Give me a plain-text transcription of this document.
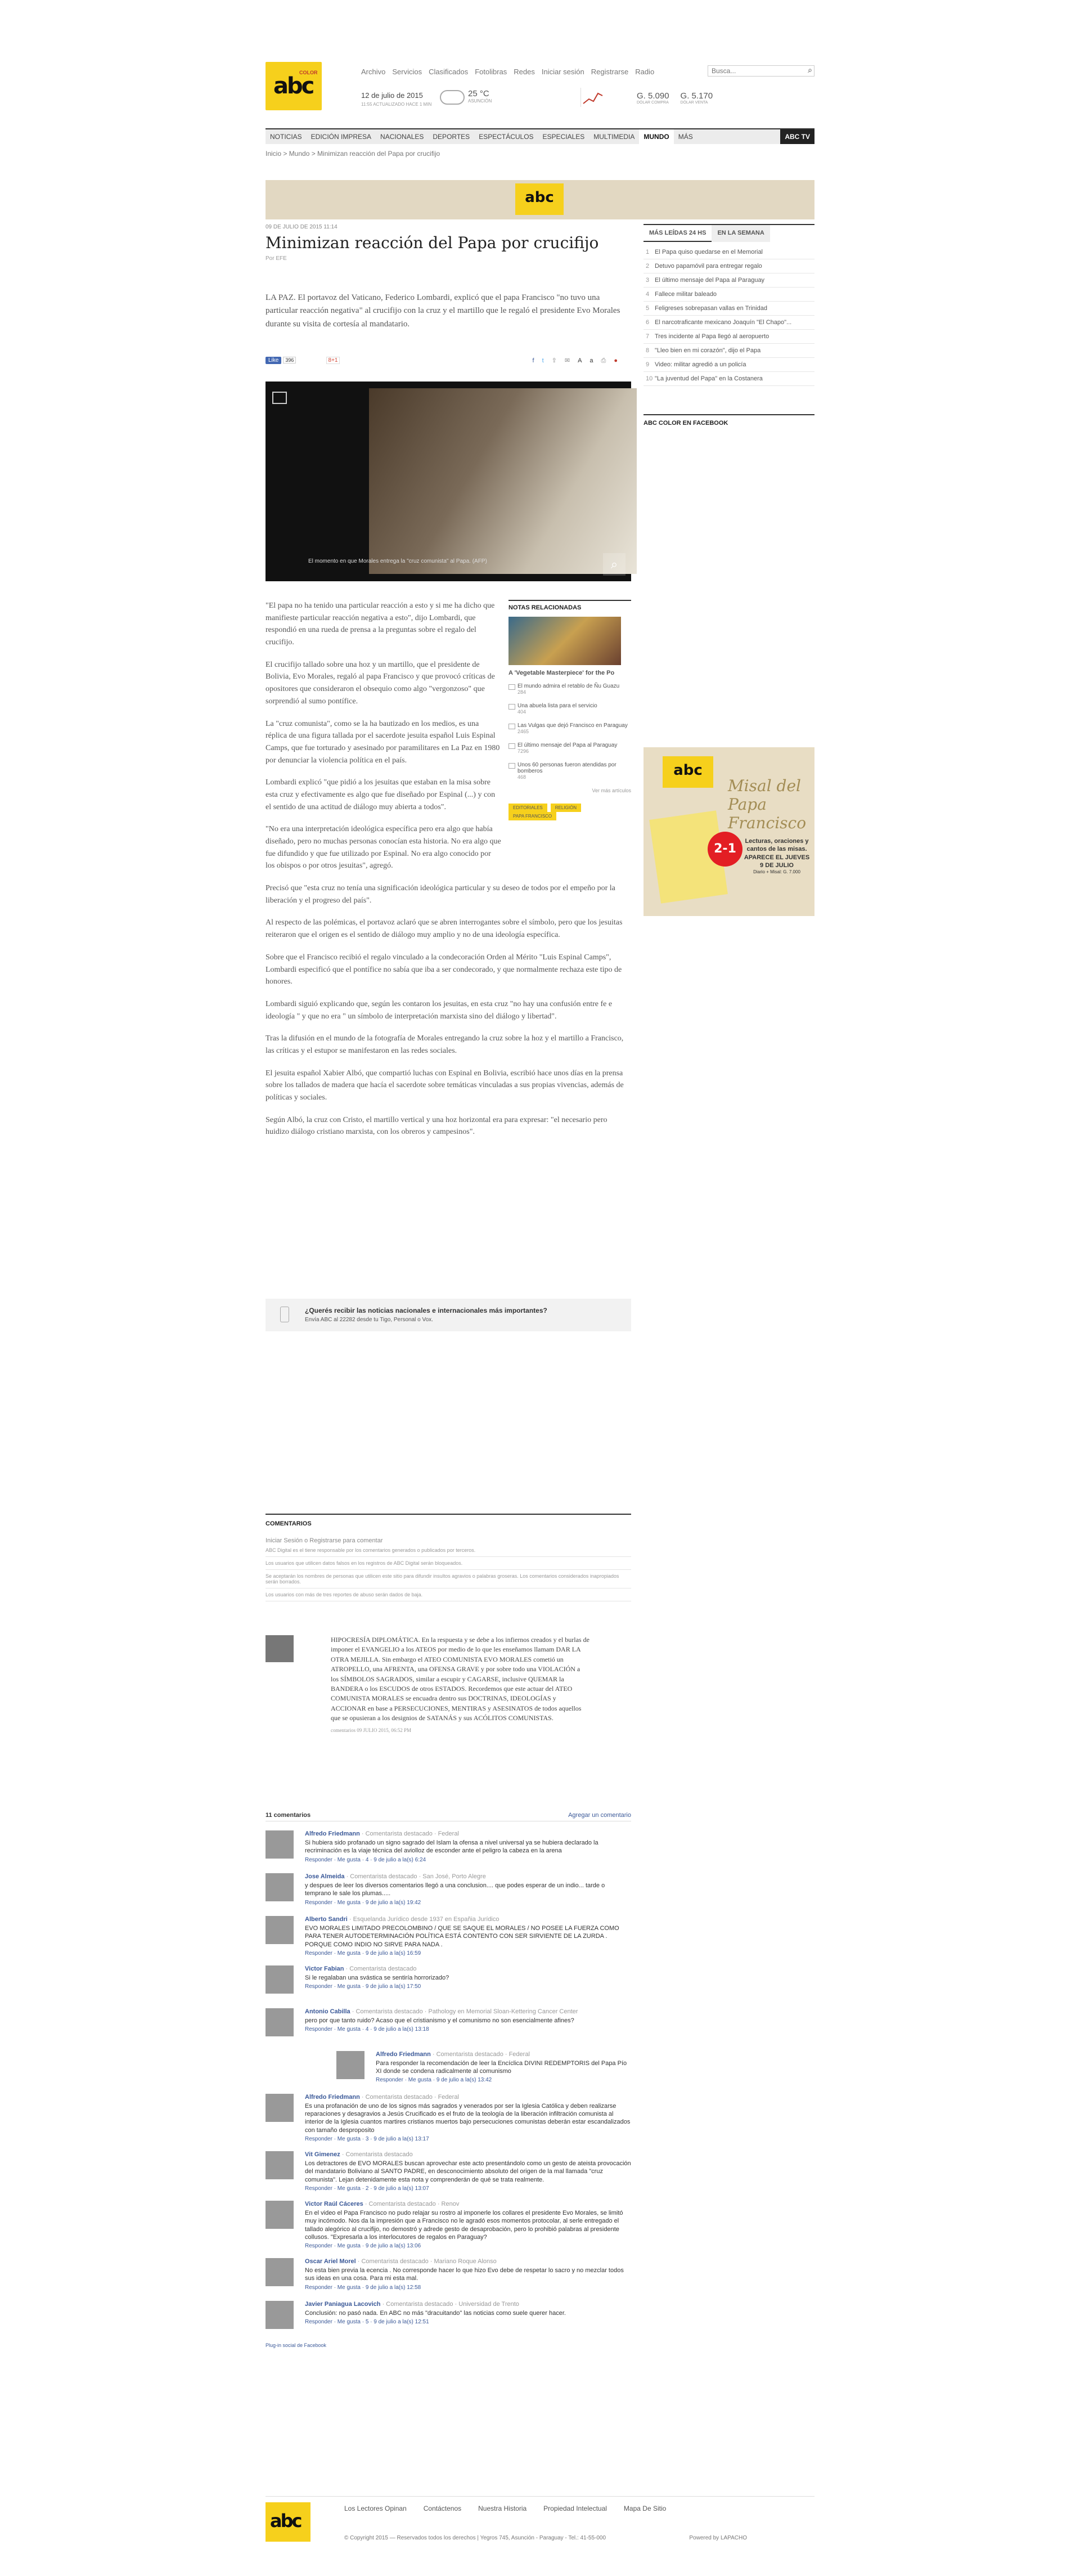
COLOR
abc
Archivo Servicios Clasificados Fotolibras Redes Iniciar sesión Registrarse Radio
Busca...	⌕
12 de julio de 2015
11:55 ACTUALIZADO HACE 1 MIN
25 °C
ASUNCIÓN
G. 5.090
DÓLAR COMPRA
G. 5.170
DÓLAR VENTA
NOTICIAS	EDICIÓN IMPRESA	NACIONALES	DEPORTES	ESPECTÁCULOS	ESPECIALES	MULTIMEDIA	MUNDO	MÁS	ABC TV
Inicio > Mundo > Minimizan reacción del Papa por crucifijo
abc
09 DE JULIO DE 2015 11:14
Minimizan reacción del Papa por crucifijo
Por EFE
LA PAZ. El portavoz del Vaticano, Federico Lombardi, explicó que el papa Francisco "no tuvo una particular reacción negativa" al crucifijo con la cruz y el martillo que le regaló el presidente Evo Morales durante su visita de cortesía al mandatario.
Like 396	8+1	ft⇪✉Aa⎙●
El momento en que Morales entrega la "cruz comunista" al Papa. (AFP)	⌕

"El papa no ha tenido una particular reacción a esto y si me ha dicho que manifieste particular reacción negativa a esto", dijo Lombardi, que respondió en una rueda de prensa a la preguntas sobre el regalo del crucifijo.

El crucifijo tallado sobre una hoz y un martillo, que el presidente de Bolivia, Evo Morales, regaló al papa Francisco y que provocó críticas de opositores que consideraron el obsequio como algo "vergonzoso" que sorprendió al sumo pontífice.

La "cruz comunista", como se la ha bautizado en los medios, es una réplica de una figura tallada por el sacerdote jesuita español Luis Espinal Camps, que fue torturado y asesinado por paramilitares en La Paz en 1980 por denunciar la violencia política en el país.

Lombardi explicó "que pidió a los jesuitas que estaban en la misa sobre esta cruz y efectivamente es algo que fue diseñado por Espinal (...) y con el sentido de una actitud de diálogo muy abierta a todos".

"No era una interpretación ideológica específica pero era algo que había diseñado, pero no muchas personas conocían esta historia. No era algo que fue difundido y que fue utilizado por Espinal. No era algo conocido por los obispos o por otros jesuitas", agregó.

Precisó que "esta cruz no tenía una significación ideológica particular y su deseo de todos por el empeño por la liberación y el progreso del país".

Al respecto de las polémicas, el portavoz aclaró que se abren interrogantes sobre el símbolo, pero que los jesuitas reiteraron que el origen es el sentido de diálogo muy amplio y no de una ideología específica.

Sobre que el Francisco recibió el regalo vinculado a la condecoración Orden al Mérito "Luis Espinal Camps", Lombardi especificó que el pontífice no sabía que iba a ser condecorado, y que normalmente rechaza este tipo de honores.

Lombardi siguió explicando que, según les contaron los jesuitas, en esta cruz "no hay una confusión entre fe e ideología " y que no era " un símbolo de interpretación marxista sino del diálogo y libertad".

Tras la difusión en el mundo de la fotografía de Morales entregando la cruz sobre la hoz y el martillo a Francisco, las críticas y el estupor se manifestaron en las redes sociales.

El jesuita español Xabier Albó, que compartió luchas con Espinal en Bolivia, escribió hace unos días en la prensa sobre los tallados de madera que hacía el sacerdote sobre temáticas vinculadas a sus propias vivencias, además de políticas y sociales.

Según Albó, la cruz con Cristo, el martillo vertical y una hoz horizontal era para expresar: "el necesario pero huidizo diálogo cristiano marxista, con los obreros y campesinos".

NOTAS RELACIONADAS
A 'Vegetable Masterpiece' for the Po
El mundo admira el retablo de Ñu Guazu
284
Una abuela lista para el servicio
404
Las Vulgas que dejó Francisco en Paraguay
2465
El último mensaje del Papa al Paraguay
7296
Unos 60 personas fueron atendidas por bomberos
468
Ver más artículos
EDITORIALES	RELIGIÓNPAPA FRANCISCO
¿Querés recibir las noticias nacionales e internacionales más importantes?
Envía ABC al 22282 desde tu Tigo, Personal o Vox.
MÁS LEÍDAS 24 HS	EN LA SEMANA
1 El Papa quiso quedarse en el Memorial
2 Detuvo papamóvil para entregar regalo
3 El último mensaje del Papa al Paraguay
4 Fallece militar baleado
5 Feligreses sobrepasan vallas en Trinidad
6 El narcotraficante mexicano Joaquín "El Chapo"...
7 Tres incidente al Papa llegó al aeropuerto
8 "Lleo bien en mi corazón", dijo el Papa
9 Video: militar agredió a un policía
10 "La juventud del Papa" en la Costanera
ABC COLOR EN FACEBOOK
abc
Misal del Papa Francisco
2-1
Lecturas, oraciones y cantos de las misas. APARECE EL JUEVES 9 DE JULIO
Diario + Misal: G. 7.000
COMENTARIOS
Iniciar Sesión o Registrarse para comentar
ABC Digital es el tiene responsable por los comentarios generados o publicados por terceros.
Los usuarios que utilicen datos falsos en los registros de ABC Digital serán bloqueados.
Se aceptarán los nombres de personas que utilicen este sitio para difundir insultos agravios o palabras groseras. Los comentarios considerados inapropiados serán borrados.
Los usuarios con más de tres reportes de abuso serán dados de baja.
HIPOCRESÍA DIPLOMÁTICA. En la respuesta y se debe a los infiernos creados y el burlas de imponer el EVANGELIO a los ATEOS por medio de lo que les enseñamos llamam DAR LA OTRA MEJILLA. Sin embargo el ATEO COMUNISTA EVO MORALES cometió un ATROPELLO, una AFRENTA, una OFENSA GRAVE y por sobre todo una VIOLACIÓN a los SÍMBOLOS SAGRADOS, similar a escupir y CAGARSE, inclusive QUEMAR la BANDERA o los ESCUDOS de otros ESTADOS. Recordemos que este actuar del ATEO COMUNISTA MORALES se encuadra dentro sus DOCTRINAS, IDEOLOGÍAS y ACCIONAR en base a PERSECUCIONES, MENTIRAS y ASESINATOS de todos aquellos que se opusieran a los designios de SATANÁS y sus ACÓLITOS COMUNISTAS.
comentarios 09 JULIO 2015, 06:52 PM
11 comentarios	Agregar un comentario
Alfredo Friedmann · Comentarista destacado · Federal
Si hubiera sido profanado un signo sagrado del Islam la ofensa a nivel universal ya se hubiera declarado la recriminación es la viaje técnica del aviolloz de esconder ante el peligro la cabeza en la arena
Responder · Me gusta · 4 · 9 de julio a la(s) 6:24
Jose Almeida · Comentarista destacado · San José, Porto Alegre
y despues de leer los diversos comentarios llegó a una conclusion.... que podes esperar de un indio... tarde o temprano le sale los plumas.....
Responder · Me gusta · 9 de julio a la(s) 19:42
Alberto Sandri · Esquelanda Jurídico desde 1937 en Españia Jurídico
EVO MORALES LIMITADO PRECOLOMBINO / QUE SE SAQUE EL MORALES / NO POSEE LA FUERZA COMO PARA TENER AUTODETERMINACIÓN POLÍTICA ESTÁ CONTENTO CON SER SIRVIENTE DE LA ZURDA . PORQUE COMO INDIO NO SIRVE PARA NADA .
Responder · Me gusta · 9 de julio a la(s) 16:59
Victor Fabian · Comentarista destacado
Si le regalaban una svástica se sentiría horrorizado?
Responder · Me gusta · 9 de julio a la(s) 17:50
Antonio Cabilla · Comentarista destacado · Pathology en Memorial Sloan-Kettering Cancer Center
pero por que tanto ruido? Acaso que el cristianismo y el comunismo no son esencialmente afines?
Responder · Me gusta · 4 · 9 de julio a la(s) 13:18
Alfredo Friedmann · Comentarista destacado · Federal
Para responder la recomendación de leer la Encíclica DIVINI REDEMPTORIS del Papa Pío XI donde se condena radicalmente al comunismo
Responder · Me gusta · 9 de julio a la(s) 13:42
Alfredo Friedmann · Comentarista destacado · Federal
Es una profanación de uno de los signos más sagrados y venerados por ser la Iglesia Católica y deben realizarse reparaciones y desagravios a Jesús Crucificado es el fruto de la teología de la liberación infiltración comunista al interior de la Iglesia cuantos martires cristianos muertos bajo persecuciones comunistas deberán estar escandalizados con tamaño desproposito
Responder · Me gusta · 3 · 9 de julio a la(s) 13:17
Vit Gimenez · Comentarista destacado
Los detractores de EVO MORALES buscan aprovechar este acto presentándolo como un gesto de ateista provocación del mandatario Boliviano al SANTO PADRE, en desconocimiento absoluto del origen de la mal llamada "cruz comunista". Lejan detenidamente esta nota y comprenderán de qué se trata realmente.
Responder · Me gusta · 2 · 9 de julio a la(s) 13:07
Victor Raúl Cáceres · Comentarista destacado · Renov
En el video el Papa Francisco no pudo relajar su rostro al imponerle los collares el presidente Evo Morales, se limitó muy incómodo. Nos da la impresión que a Francisco no le agradó esos momentos protocolar, al serle entregado el tallado alegórico al crucifijo, no demostró y adrede gesto de desaprobación, pero lo prohibió palabras al presidente collusos. "Expresarla a los interlocutores de regalos en Paraguay?
Responder · Me gusta · 9 de julio a la(s) 13:06
Oscar Ariel Morel · Comentarista destacado · Mariano Roque Alonso
No esta bien previa la ecencia . No corresponde hacer lo que hizo Evo debe de respetar lo sacro y no mezclar todos sus ideas en una cosa. Para mi esta mal.
Responder · Me gusta · 9 de julio a la(s) 12:58
Javier Paniagua Lacovich · Comentarista destacado · Universidad de Trento
Conclusión: no pasó nada. En ABC no más "dracuitando" las noticias como suele querer hacer.
Responder · Me gusta · 5 · 9 de julio a la(s) 12:51
Plug-in social de Facebook
abc
Los Lectores Opinan	Contáctenos	Nuestra Historia	Propiedad Intelectual	Mapa De Sitio
© Copyright 2015 — Reservados todos los derechos | Yegros 745, Asunción - Paraguay - Tel.: 41-55-000	Powered by LAPACHO
